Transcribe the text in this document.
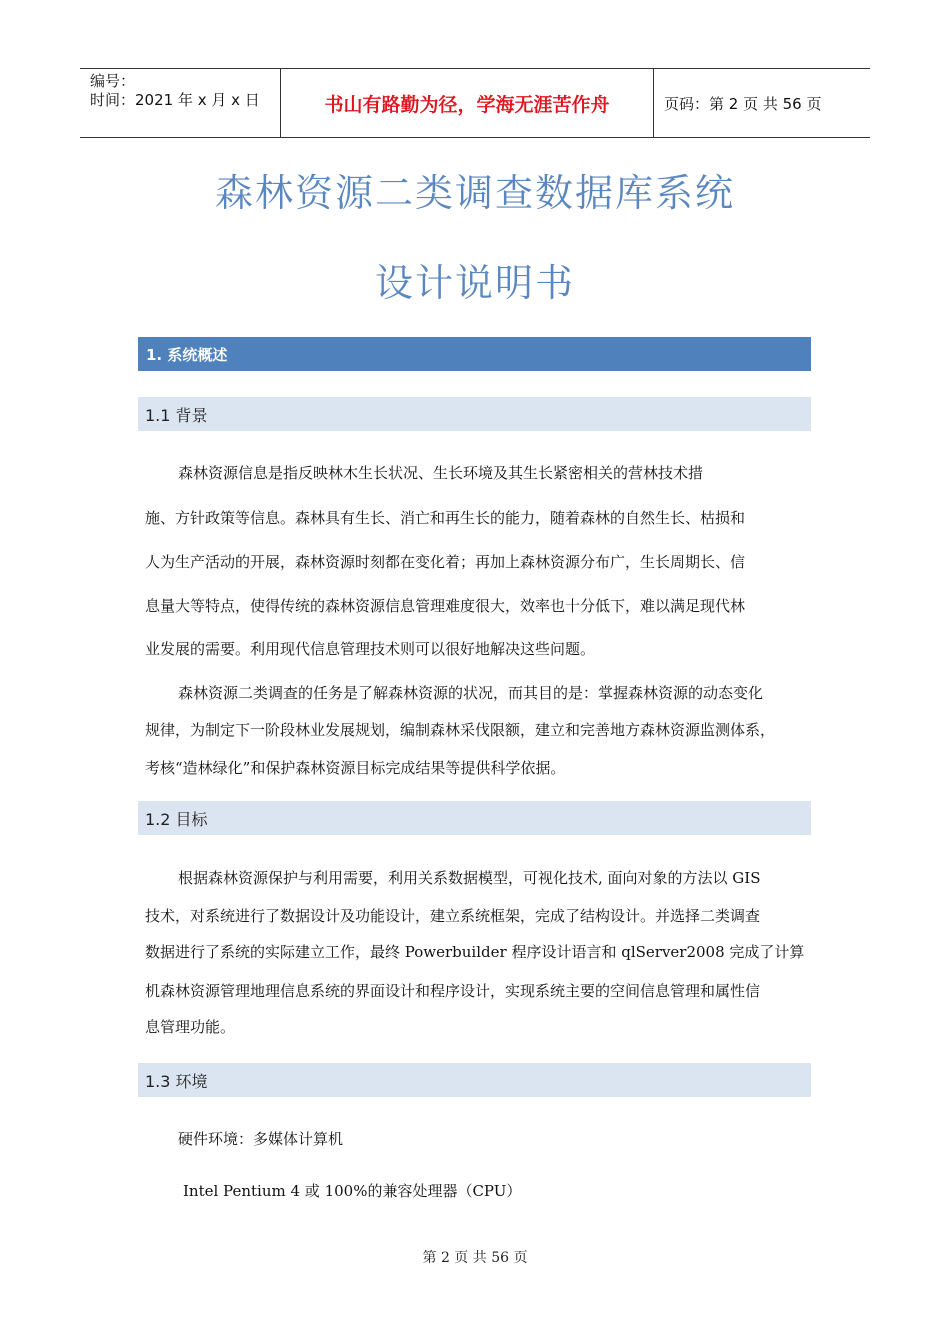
编号：
时间：2021 年 x 月 x 日	书山有路勤为径，学海无涯苦作舟	页码：第 2 页 共 56 页
森林资源二类调查数据库系统
设计说明书
1. 系统概述
1.1 背景
森林资源信息是指反映林木生长状况、生长环境及其生长紧密相关的营林技术措
施、方针政策等信息。森林具有生长、消亡和再生长的能力，随着森林的自然生长、枯损和
人为生产活动的开展，森林资源时刻都在变化着；再加上森林资源分布广，生长周期长、信
息量大等特点，使得传统的森林资源信息管理难度很大，效率也十分低下，难以满足现代林
业发展的需要。利用现代信息管理技术则可以很好地解决这些问题。
森林资源二类调查的任务是了解森林资源的状况，而其目的是：掌握森林资源的动态变化
规律，为制定下一阶段林业发展规划，编制森林采伐限额，建立和完善地方森林资源监测体系，
考核“造林绿化”和保护森林资源目标完成结果等提供科学依据。
1.2 目标
根据森林资源保护与利用需要，利用关系数据模型，可视化技术, 面向对象的方法以 GIS
技术，对系统进行了数据设计及功能设计，建立系统框架，完成了结构设计。并选择二类调查
数据进行了系统的实际建立工作，最终 Powerbuilder 程序设计语言和 qlServer2008 完成了计算
机森林资源管理地理信息系统的界面设计和程序设计，实现系统主要的空间信息管理和属性信
息管理功能。
1.3 环境
硬件环境：多媒体计算机
Intel Pentium 4 或 100%的兼容处理器（CPU）
第 2 页 共 56 页
